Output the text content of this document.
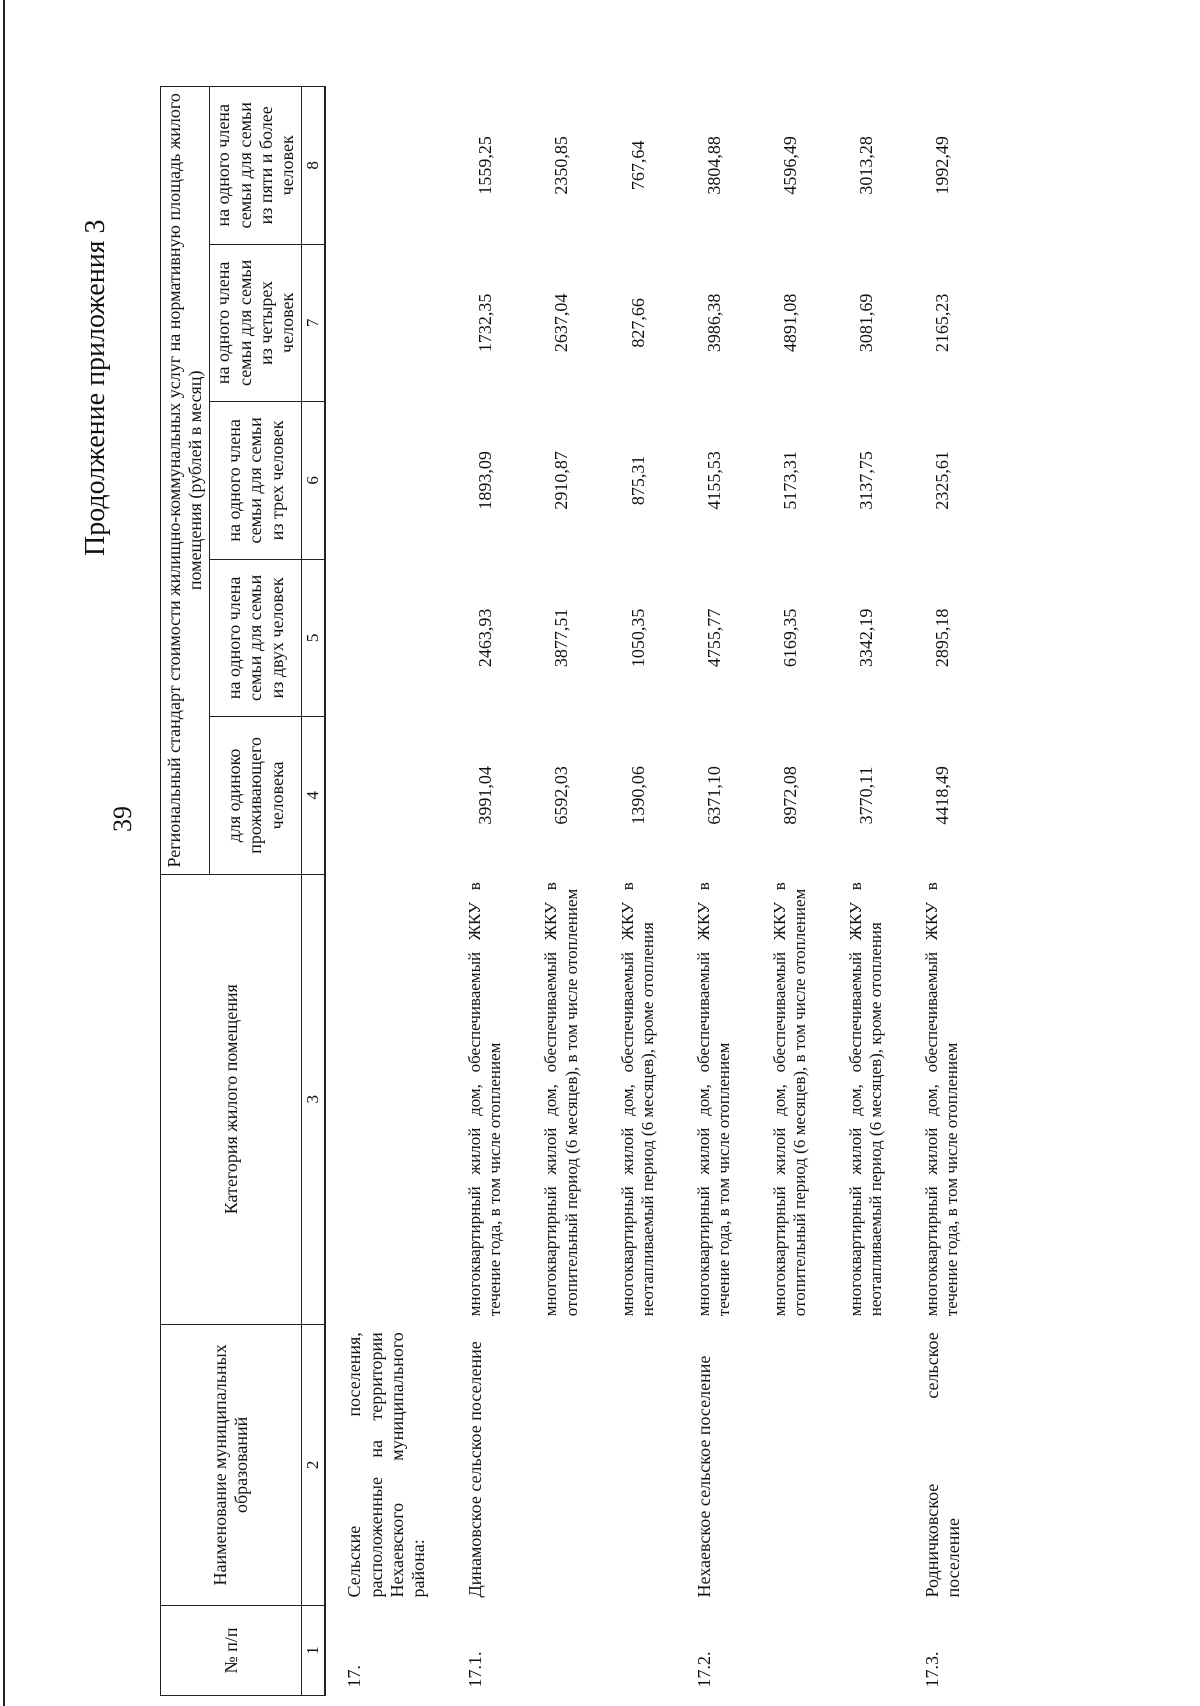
39
Продолжение приложения 3
№ п/п	Наименование муниципальных образований	Категория жилого помещения	Региональный стандарт стоимости жилищно-коммунальных услуг на нормативную площадь жилого помещения (рублей в месяц)				
			для одиноко проживающего человека	на одного члена семьи для семьи из двух человек	на одного члена семьи для семьи из трех человек	на одного члена семьи для семьи из четырех человек	на одного члена семьи для семьи из пяти и более человек
1	2	3	4	5	6	7	8
17.	Сельские поселения, расположенные на территории Нехаевского муниципального района:						
17.1.	Динамовское сельское поселение	многоквартирный жилой дом, обеспечиваемый ЖКУ в течение года, в том числе отоплением	3991,04	2463,93	1893,09	1732,35	1559,25
		многоквартирный жилой дом, обеспечиваемый ЖКУ в отопительный период (6 месяцев), в том числе отоплением	6592,03	3877,51	2910,87	2637,04	2350,85
		многоквартирный жилой дом, обеспечиваемый ЖКУ в неотапливаемый период (6 месяцев), кроме отопления	1390,06	1050,35	875,31	827,66	767,64
17.2.	Нехаевское сельское поселение	многоквартирный жилой дом, обеспечиваемый ЖКУ в течение года, в том числе отоплением	6371,10	4755,77	4155,53	3986,38	3804,88
		многоквартирный жилой дом, обеспечиваемый ЖКУ в отопительный период (6 месяцев), в том числе отоплением	8972,08	6169,35	5173,31	4891,08	4596,49
		многоквартирный жилой дом, обеспечиваемый ЖКУ в неотапливаемый период (6 месяцев), кроме отопления	3770,11	3342,19	3137,75	3081,69	3013,28
17.3.	Родничковское сельское поселение	многоквартирный жилой дом, обеспечиваемый ЖКУ в течение года, в том числе отоплением	4418,49	2895,18	2325,61	2165,23	1992,49
